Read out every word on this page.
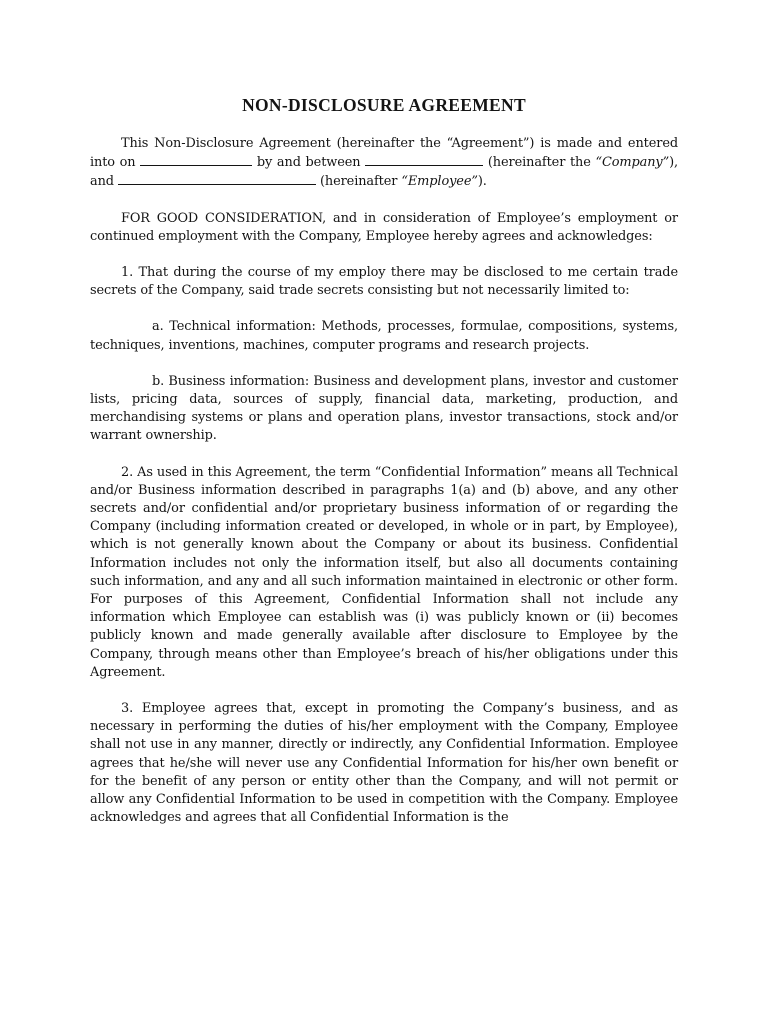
NON-DISCLOSURE AGREEMENT

This Non-Disclosure Agreement (hereinafter the “Agreement”) is made and entered into on	by and between	(hereinafter the “Company”), and	(hereinafter “Employee”).

FOR GOOD CONSIDERATION, and in consideration of Employee’s employment or continued employment with the Company, Employee hereby agrees and acknowledges:

1. That during the course of my employ there may be disclosed to me certain trade secrets of the Company, said trade secrets consisting but not necessarily limited to:

a. Technical information: Methods, processes, formulae, compositions, systems, techniques, inventions, machines, computer programs and research projects.

b. Business information: Business and development plans, investor and customer lists, pricing data, sources of supply, financial data, marketing, production, and merchandising systems or plans and operation plans, investor transactions, stock and/or warrant ownership.

2. As used in this Agreement, the term “Confidential Information” means all Technical and/or Business information described in paragraphs 1(a) and (b) above, and any other secrets and/or confidential and/or proprietary business information of or regarding the Company (including information created or developed, in whole or in part, by Employee), which is not generally known about the Company or about its business. Confidential Information includes not only the information itself, but also all documents containing such information, and any and all such information maintained in electronic or other form. For purposes of this Agreement, Confidential Information shall not include any information which Employee can establish was (i) was publicly known or (ii) becomes publicly known and made generally available after disclosure to Employee by the Company, through means other than Employee’s breach of his/her obligations under this Agreement.

3. Employee agrees that, except in promoting the Company’s business, and as necessary in performing the duties of his/her employment with the Company, Employee shall not use in any manner, directly or indirectly, any Confidential Information. Employee agrees that he/she will never use any Confidential Information for his/her own benefit or for the benefit of any person or entity other than the Company, and will not permit or allow any Confidential Information to be used in competition with the Company. Employee acknowledges and agrees that all Confidential Information is the
